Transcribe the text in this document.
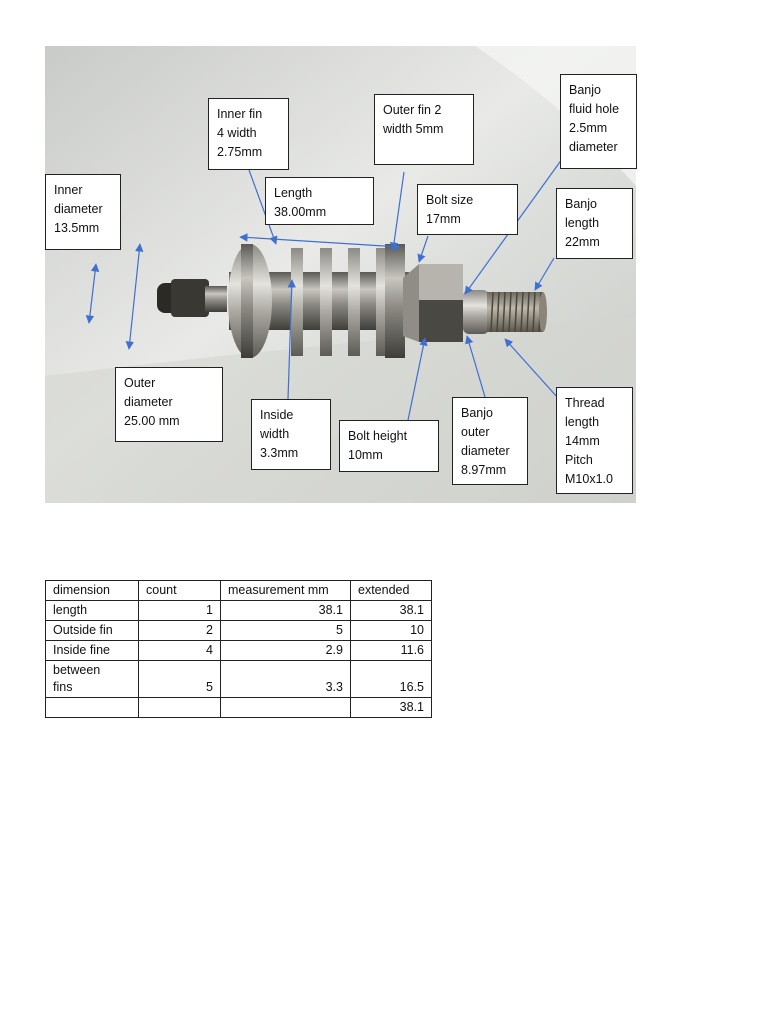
Inner fin
4 width
2.75mm
Outer fin 2
width 5mm
Banjo
fluid hole
2.5mm
diameter
Inner
diameter
13.5mm
Length
38.00mm
Bolt size
17mm
Banjo
length
22mm
Outer
diameter
25.00 mm	Inside
width
3.3mm
Bolt height
10mm
Banjo
outer
diameter
8.97mm
Thread
length
14mm
Pitch
M10x1.0
dimension	count	measurement mm	extended
length	1	38.1	38.1
Outside fin	2	5	10
Inside fine	4	2.9	11.6
between
fins	5	3.3	16.5
			38.1
